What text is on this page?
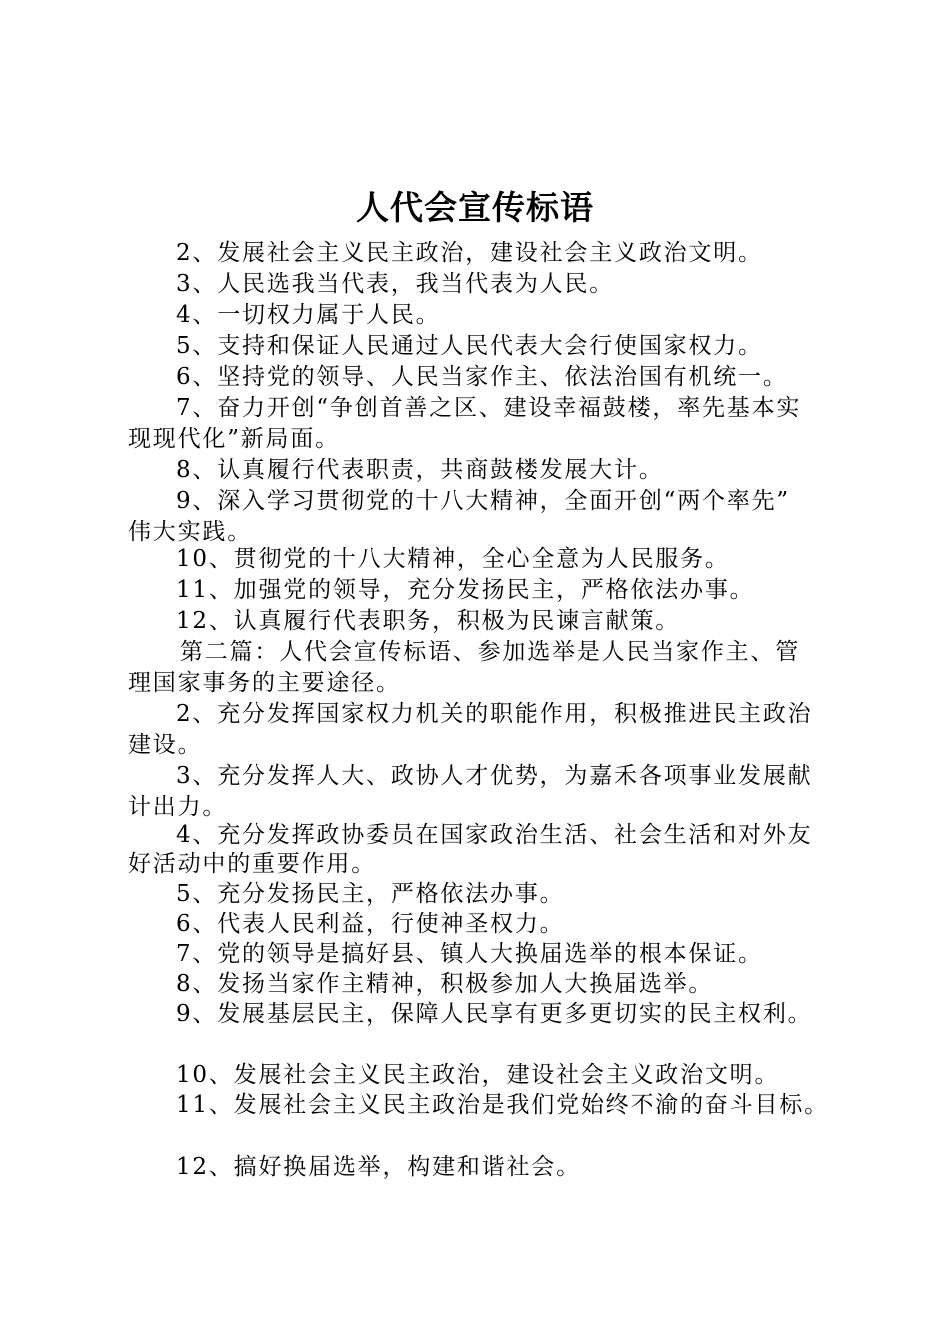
人代会宣传标语
2、发展社会主义民主政治，建设社会主义政治文明。
3、人民选我当代表，我当代表为人民。
4、一切权力属于人民。
5、支持和保证人民通过人民代表大会行使国家权力。
6、坚持党的领导、人民当家作主、依法治国有机统一。
7、奋力开创“争创首善之区、建设幸福鼓楼，率先基本实
现现代化”新局面。
8、认真履行代表职责，共商鼓楼发展大计。
9、深入学习贯彻党的十八大精神，全面开创“两个率先”
伟大实践。
10、贯彻党的十八大精神，全心全意为人民服务。
11、加强党的领导，充分发扬民主，严格依法办事。
12、认真履行代表职务，积极为民谏言献策。
第二篇：人代会宣传标语、参加选举是人民当家作主、管
理国家事务的主要途径。
2、充分发挥国家权力机关的职能作用，积极推进民主政治
建设。
3、充分发挥人大、政协人才优势，为嘉禾各项事业发展献
计出力。
4、充分发挥政协委员在国家政治生活、社会生活和对外友
好活动中的重要作用。
5、充分发扬民主，严格依法办事。
6、代表人民利益，行使神圣权力。
7、党的领导是搞好县、镇人大换届选举的根本保证。
8、发扬当家作主精神，积极参加人大换届选举。
9、发展基层民主，保障人民享有更多更切实的民主权利。
10、发展社会主义民主政治，建设社会主义政治文明。
11、发展社会主义民主政治是我们党始终不渝的奋斗目标。
12、搞好换届选举，构建和谐社会。
